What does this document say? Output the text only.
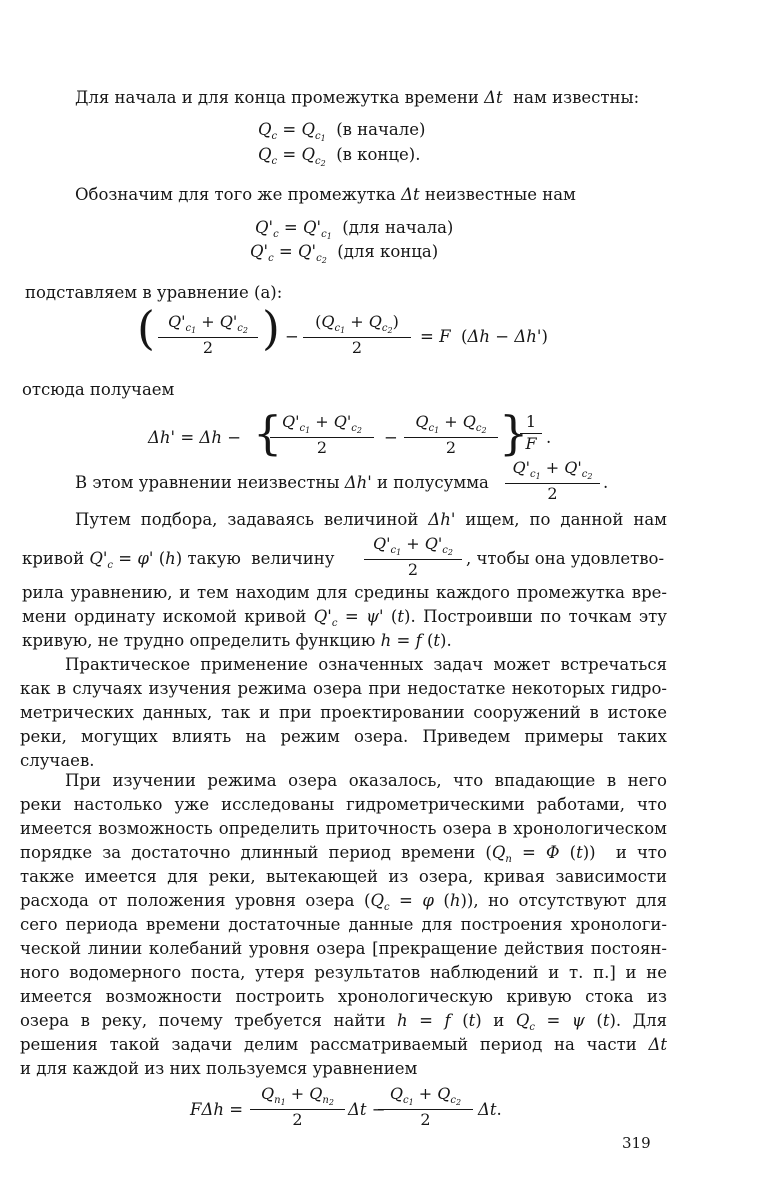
Для начала и для конца промежутка времени Δt  нам известны:
$Q_c = Q_{c_1}$  (в начале)
$Q_c = Q_{c_2}$  (в конце).
Обозначим для того же промежутка Δt неизвестные нам
$Q'_c = Q'_{c_1}$  (для начала)
$Q'_c = Q'_{c_2}$  (для конца)
подставляем в уравнение (а):
( $Q'_{c_1} + Q'_{c_2}$
2	) −
$(Q_{c_1} + Q_{c_2})$
2
= F  (Δh − Δh')
отсюда получаем
Δh' = Δh − { $Q'_{c_1} + Q'_{c_2}$
2
−
$Q_{c_1} + Q_{c_2}$
2 }
1
F .
В этом уравнении неизвестны Δh' и полусумма
$Q'_{c_1} + Q'_{c_2}$
2
.
Путем подбора, задаваясь величиной Δh' ищем, по данной нам
кривой $Q'_c = \varphi'$ (h) такую  величину
$Q'_{c_1} + Q'_{c_2}$
2
, чтобы она удовлетво-
рила уравнению, и тем находим для средины каждого промежутка вре-
мени ординату искомой кривой $Q'_c = \psi'$ (t). Построивши по точкам эту
кривую, не трудно определить функцию h = f (t).
Практическое применение означенных задач может встречаться
как в случаях изучения режима озера при недостатке некоторых гидро-
метрических данных, так и при проектировании сооружений в истоке
реки, могущих влиять на режим озера. Приведем примеры таких
случаев.
При изучении режима озера оказалось, что впадающие в него
реки настолько уже исследованы гидрометрическими работами, что
имеется возможность определить приточность озера в хронологическом
порядке за достаточно длинный период времени ($Q_n = \Phi$ (t))  и что
также имеется для реки, вытекающей из озера, кривая зависимости
расхода от положения уровня озера ($Q_c = \varphi$ (h)), но отсутствуют для
сего периода времени достаточные данные для построения хронологи-
ческой линии колебаний уровня озера [прекращение действия постоян-
ного водомерного поста, утеря результатов наблюдений и т. п.] и не
имеется возможности построить хронологическую кривую стока из
озера в реку, почему требуется найти h = f (t) и $Q_c = \psi$ (t). Для
решения такой задачи делим рассматриваемый период на части Δt
и для каждой из них пользуемся уравнением
FΔh =
$Q_{n_1} + Q_{n_2}$
2
Δt −
$Q_{c_1} + Q_{c_2}$
2
Δt.
319
